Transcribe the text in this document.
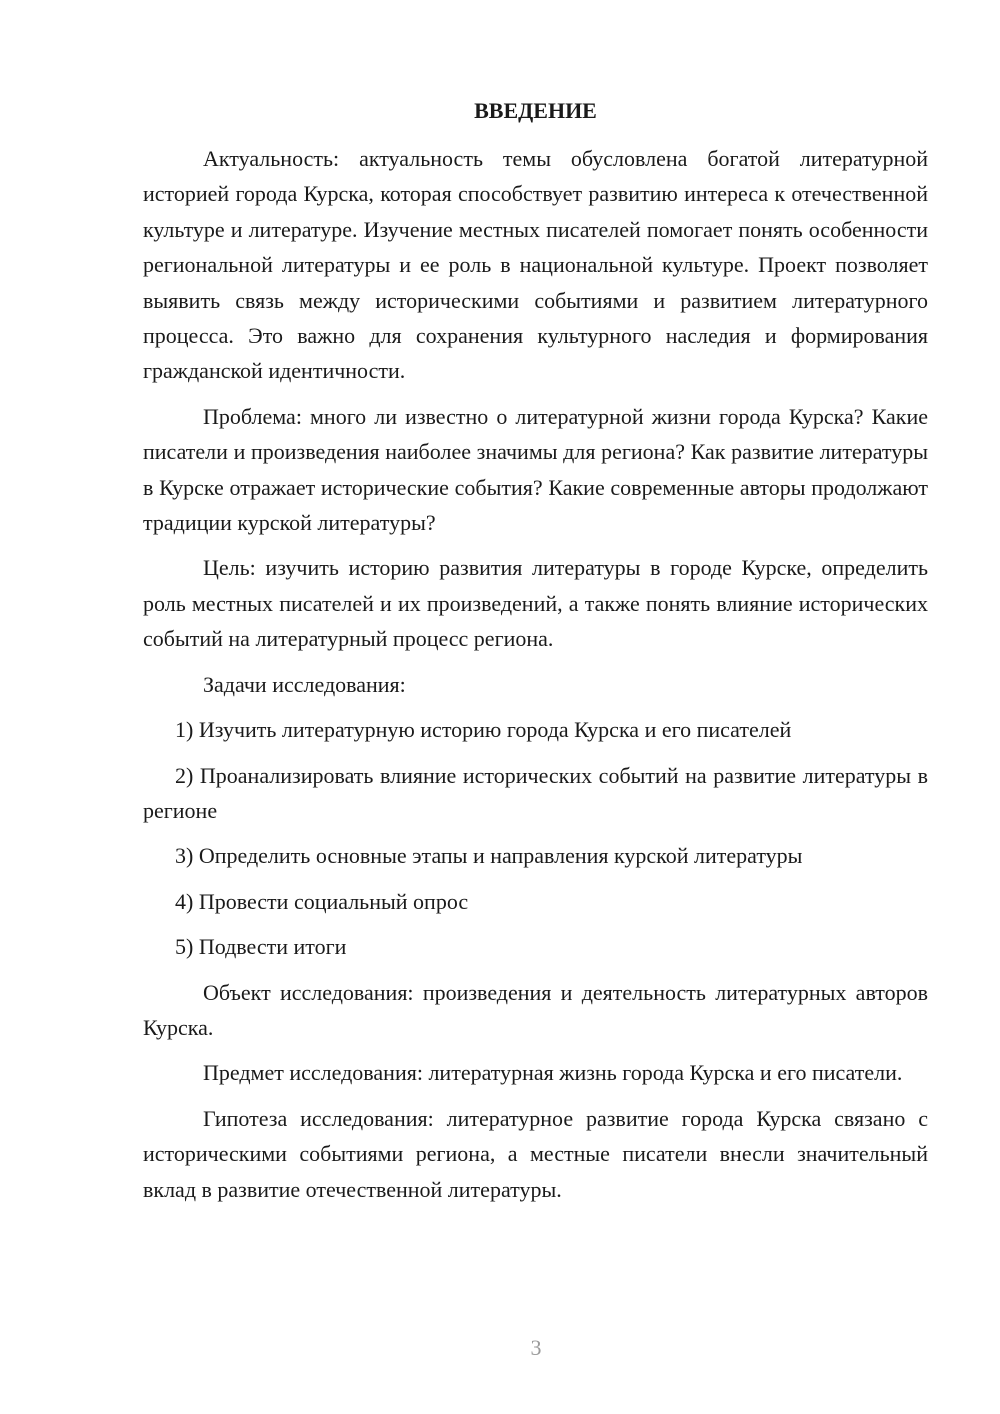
ВВЕДЕНИЕ

Актуальность: актуальность темы обусловлена богатой литературной историей города Курска, которая способствует развитию интереса к отечественной культуре и литературе. Изучение местных писателей помогает понять особенности региональной литературы и ее роль в национальной культуре. Проект позволяет выявить связь между историческими событиями и развитием литературного процесса. Это важно для сохранения культурного наследия и формирования гражданской идентичности.

Проблема: много ли известно о литературной жизни города Курска? Какие писатели и произведения наиболее значимы для региона? Как развитие литературы в Курске отражает исторические события? Какие современные авторы продолжают традиции курской литературы?

Цель: изучить историю развития литературы в городе Курске, определить роль местных писателей и их произведений, а также понять влияние исторических событий на литературный процесс региона.

Задачи исследования:

1) Изучить литературную историю города Курска и его писателей

2) Проанализировать влияние исторических событий на развитие литературы в регионе

3) Определить основные этапы и направления курской литературы

4) Провести социальный опрос

5) Подвести итоги

Объект исследования: произведения и деятельность литературных авторов Курска.

Предмет исследования: литературная жизнь города Курска и его писатели.

Гипотеза исследования: литературное развитие города Курска связано с историческими событиями региона, а местные писатели внесли значительный вклад в развитие отечественной литературы.

3
